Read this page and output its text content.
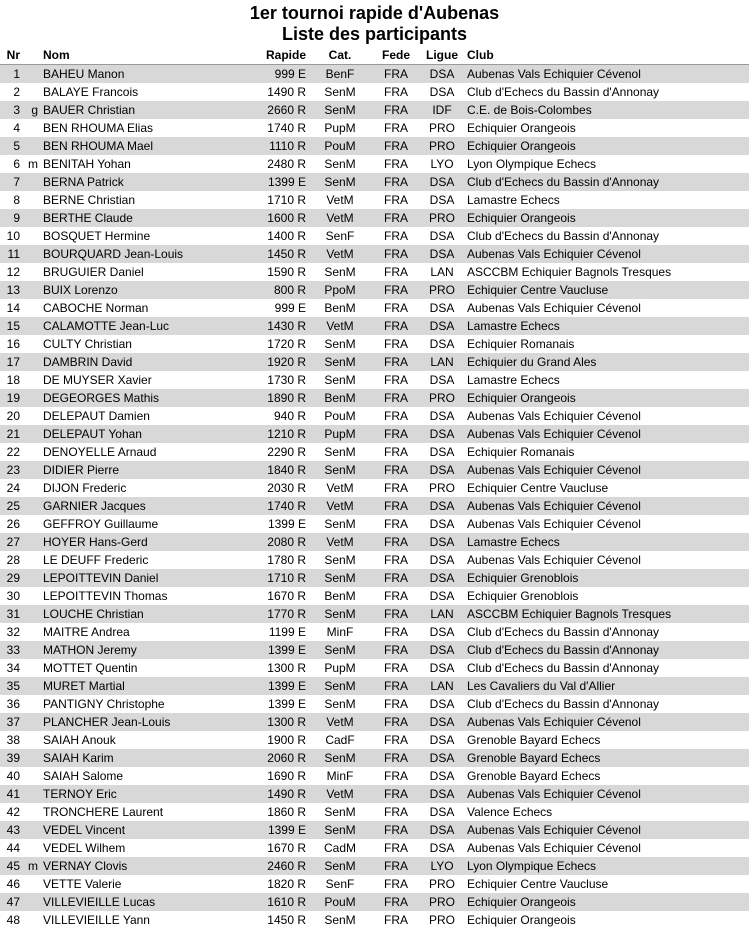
1er tournoi rapide d'Aubenas
Liste des participants
Nr		Nom	Rapide	Cat.	Fede	Ligue	Club
1		BAHEU Manon	999 E	BenF	FRA	DSA	Aubenas Vals Echiquier Cévenol
2		BALAYE Francois	1490 R	SenM	FRA	DSA	Club d'Echecs du Bassin d'Annonay
3	g	BAUER Christian	2660 R	SenM	FRA	IDF	C.E. de Bois-Colombes
4		BEN RHOUMA Elias	1740 R	PupM	FRA	PRO	Echiquier Orangeois
5		BEN RHOUMA Mael	1110 R	PouM	FRA	PRO	Echiquier Orangeois
6	m	BENITAH Yohan	2480 R	SenM	FRA	LYO	Lyon Olympique Echecs
7		BERNA Patrick	1399 E	SenM	FRA	DSA	Club d'Echecs du Bassin d'Annonay
8		BERNE Christian	1710 R	VetM	FRA	DSA	Lamastre Echecs
9		BERTHE Claude	1600 R	VetM	FRA	PRO	Echiquier Orangeois
10		BOSQUET Hermine	1400 R	SenF	FRA	DSA	Club d'Echecs du Bassin d'Annonay
11		BOURQUARD Jean-Louis	1450 R	VetM	FRA	DSA	Aubenas Vals Echiquier Cévenol
12		BRUGUIER Daniel	1590 R	SenM	FRA	LAN	ASCCBM Echiquier Bagnols Tresques
13		BUIX Lorenzo	800 R	PpoM	FRA	PRO	Echiquier Centre Vaucluse
14		CABOCHE Norman	999 E	BenM	FRA	DSA	Aubenas Vals Echiquier Cévenol
15		CALAMOTTE Jean-Luc	1430 R	VetM	FRA	DSA	Lamastre Echecs
16		CULTY Christian	1720 R	SenM	FRA	DSA	Echiquier Romanais
17		DAMBRIN David	1920 R	SenM	FRA	LAN	Echiquier du Grand Ales
18		DE MUYSER Xavier	1730 R	SenM	FRA	DSA	Lamastre Echecs
19		DEGEORGES Mathis	1890 R	BenM	FRA	PRO	Echiquier Orangeois
20		DELEPAUT Damien	940 R	PouM	FRA	DSA	Aubenas Vals Echiquier Cévenol
21		DELEPAUT Yohan	1210 R	PupM	FRA	DSA	Aubenas Vals Echiquier Cévenol
22		DENOYELLE Arnaud	2290 R	SenM	FRA	DSA	Echiquier Romanais
23		DIDIER Pierre	1840 R	SenM	FRA	DSA	Aubenas Vals Echiquier Cévenol
24		DIJON Frederic	2030 R	VetM	FRA	PRO	Echiquier Centre Vaucluse
25		GARNIER Jacques	1740 R	VetM	FRA	DSA	Aubenas Vals Echiquier Cévenol
26		GEFFROY Guillaume	1399 E	SenM	FRA	DSA	Aubenas Vals Echiquier Cévenol
27		HOYER Hans-Gerd	2080 R	VetM	FRA	DSA	Lamastre Echecs
28		LE DEUFF Frederic	1780 R	SenM	FRA	DSA	Aubenas Vals Echiquier Cévenol
29		LEPOITTEVIN Daniel	1710 R	SenM	FRA	DSA	Echiquier Grenoblois
30		LEPOITTEVIN Thomas	1670 R	BenM	FRA	DSA	Echiquier Grenoblois
31		LOUCHE Christian	1770 R	SenM	FRA	LAN	ASCCBM Echiquier Bagnols Tresques
32		MAITRE Andrea	1199 E	MinF	FRA	DSA	Club d'Echecs du Bassin d'Annonay
33		MATHON Jeremy	1399 E	SenM	FRA	DSA	Club d'Echecs du Bassin d'Annonay
34		MOTTET Quentin	1300 R	PupM	FRA	DSA	Club d'Echecs du Bassin d'Annonay
35		MURET Martial	1399 E	SenM	FRA	LAN	Les Cavaliers du Val d'Allier
36		PANTIGNY Christophe	1399 E	SenM	FRA	DSA	Club d'Echecs du Bassin d'Annonay
37		PLANCHER Jean-Louis	1300 R	VetM	FRA	DSA	Aubenas Vals Echiquier Cévenol
38		SAIAH Anouk	1900 R	CadF	FRA	DSA	Grenoble Bayard Echecs
39		SAIAH Karim	2060 R	SenM	FRA	DSA	Grenoble Bayard Echecs
40		SAIAH Salome	1690 R	MinF	FRA	DSA	Grenoble Bayard Echecs
41		TERNOY Eric	1490 R	VetM	FRA	DSA	Aubenas Vals Echiquier Cévenol
42		TRONCHERE Laurent	1860 R	SenM	FRA	DSA	Valence Echecs
43		VEDEL Vincent	1399 E	SenM	FRA	DSA	Aubenas Vals Echiquier Cévenol
44		VEDEL Wilhem	1670 R	CadM	FRA	DSA	Aubenas Vals Echiquier Cévenol
45	m	VERNAY Clovis	2460 R	SenM	FRA	LYO	Lyon Olympique Echecs
46		VETTE Valerie	1820 R	SenF	FRA	PRO	Echiquier Centre Vaucluse
47		VILLEVIEILLE Lucas	1610 R	PouM	FRA	PRO	Echiquier Orangeois
48		VILLEVIEILLE Yann	1450 R	SenM	FRA	PRO	Echiquier Orangeois
